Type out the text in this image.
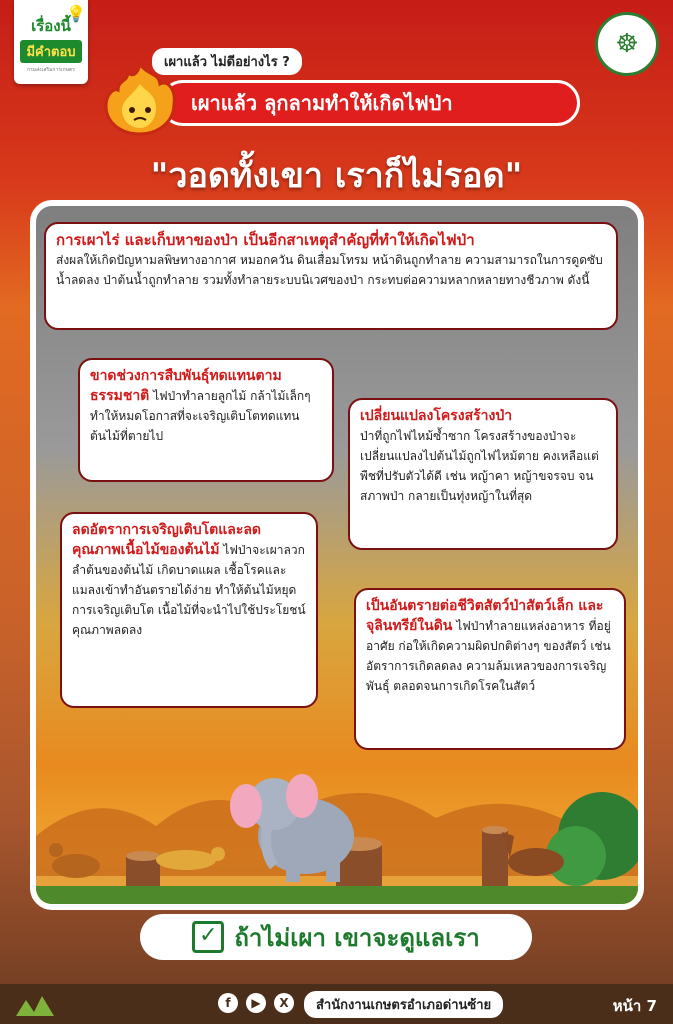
เรื่องนี้
มีคำตอบ
กรมส่งเสริมการเกษตร
💡
☸
เผาแล้ว ไม่ดีอย่างไร ?
เผาแล้ว ลุกลามทำให้เกิดไฟป่า
"วอดทั้งเขา เราก็ไม่รอด"
การเผาไร่ และเก็บหาของป่า เป็นอีกสาเหตุสำคัญที่ทำให้เกิดไฟป่า
ส่งผลให้เกิดปัญหามลพิษทางอากาศ หมอกควัน ดินเสื่อมโทรม หน้าดินถูกทำลาย ความสามารถในการดูดซับน้ำลดลง ป่าต้นน้ำถูกทำลาย รวมทั้งทำลายระบบนิเวศของป่า กระทบต่อความหลากหลายทางชีวภาพ ดังนี้
ขาดช่วงการสืบพันธุ์ทดแทนตามธรรมชาติ ไฟป่าทำลายลูกไม้ กล้าไม้เล็กๆ ทำให้หมดโอกาสที่จะเจริญเติบโตทดแทนต้นไม้ที่ตายไป
เปลี่ยนแปลงโครงสร้างป่า
ป่าที่ถูกไฟไหม้ซ้ำซาก โครงสร้างของป่าจะเปลี่ยนแปลงไปต้นไม้ถูกไฟไหม้ตาย คงเหลือแต่พืชที่ปรับตัวได้ดี เช่น หญ้าคา หญ้าขจรจบ จนสภาพป่า กลายเป็นทุ่งหญ้าในที่สุด
ลดอัตราการเจริญเติบโตและลดคุณภาพเนื้อไม้ของต้นไม้ ไฟป่าจะเผาลวกลำต้นของต้นไม้ เกิดบาดแผล เชื้อโรคและแมลงเข้าทำอันตรายได้ง่าย ทำให้ต้นไม้หยุดการเจริญเติบโต เนื้อไม้ที่จะนำไปใช้ประโยชน์คุณภาพลดลง
เป็นอันตรายต่อชีวิตสัตว์ป่าสัตว์เล็ก และจุลินทรีย์ในดิน ไฟป่าทำลายแหล่งอาหาร ที่อยู่อาศัย ก่อให้เกิดความผิดปกติต่างๆ ของสัตว์ เช่น อัตราการเกิดลดลง ความล้มเหลวของการเจริญพันธุ์ ตลอดจนการเกิดโรคในสัตว์
✓ ถ้าไม่เผา เขาจะดูแลเรา
f	▶	X	สำนักงานเกษตรอำเภอด่านซ้าย	หน้า 7
